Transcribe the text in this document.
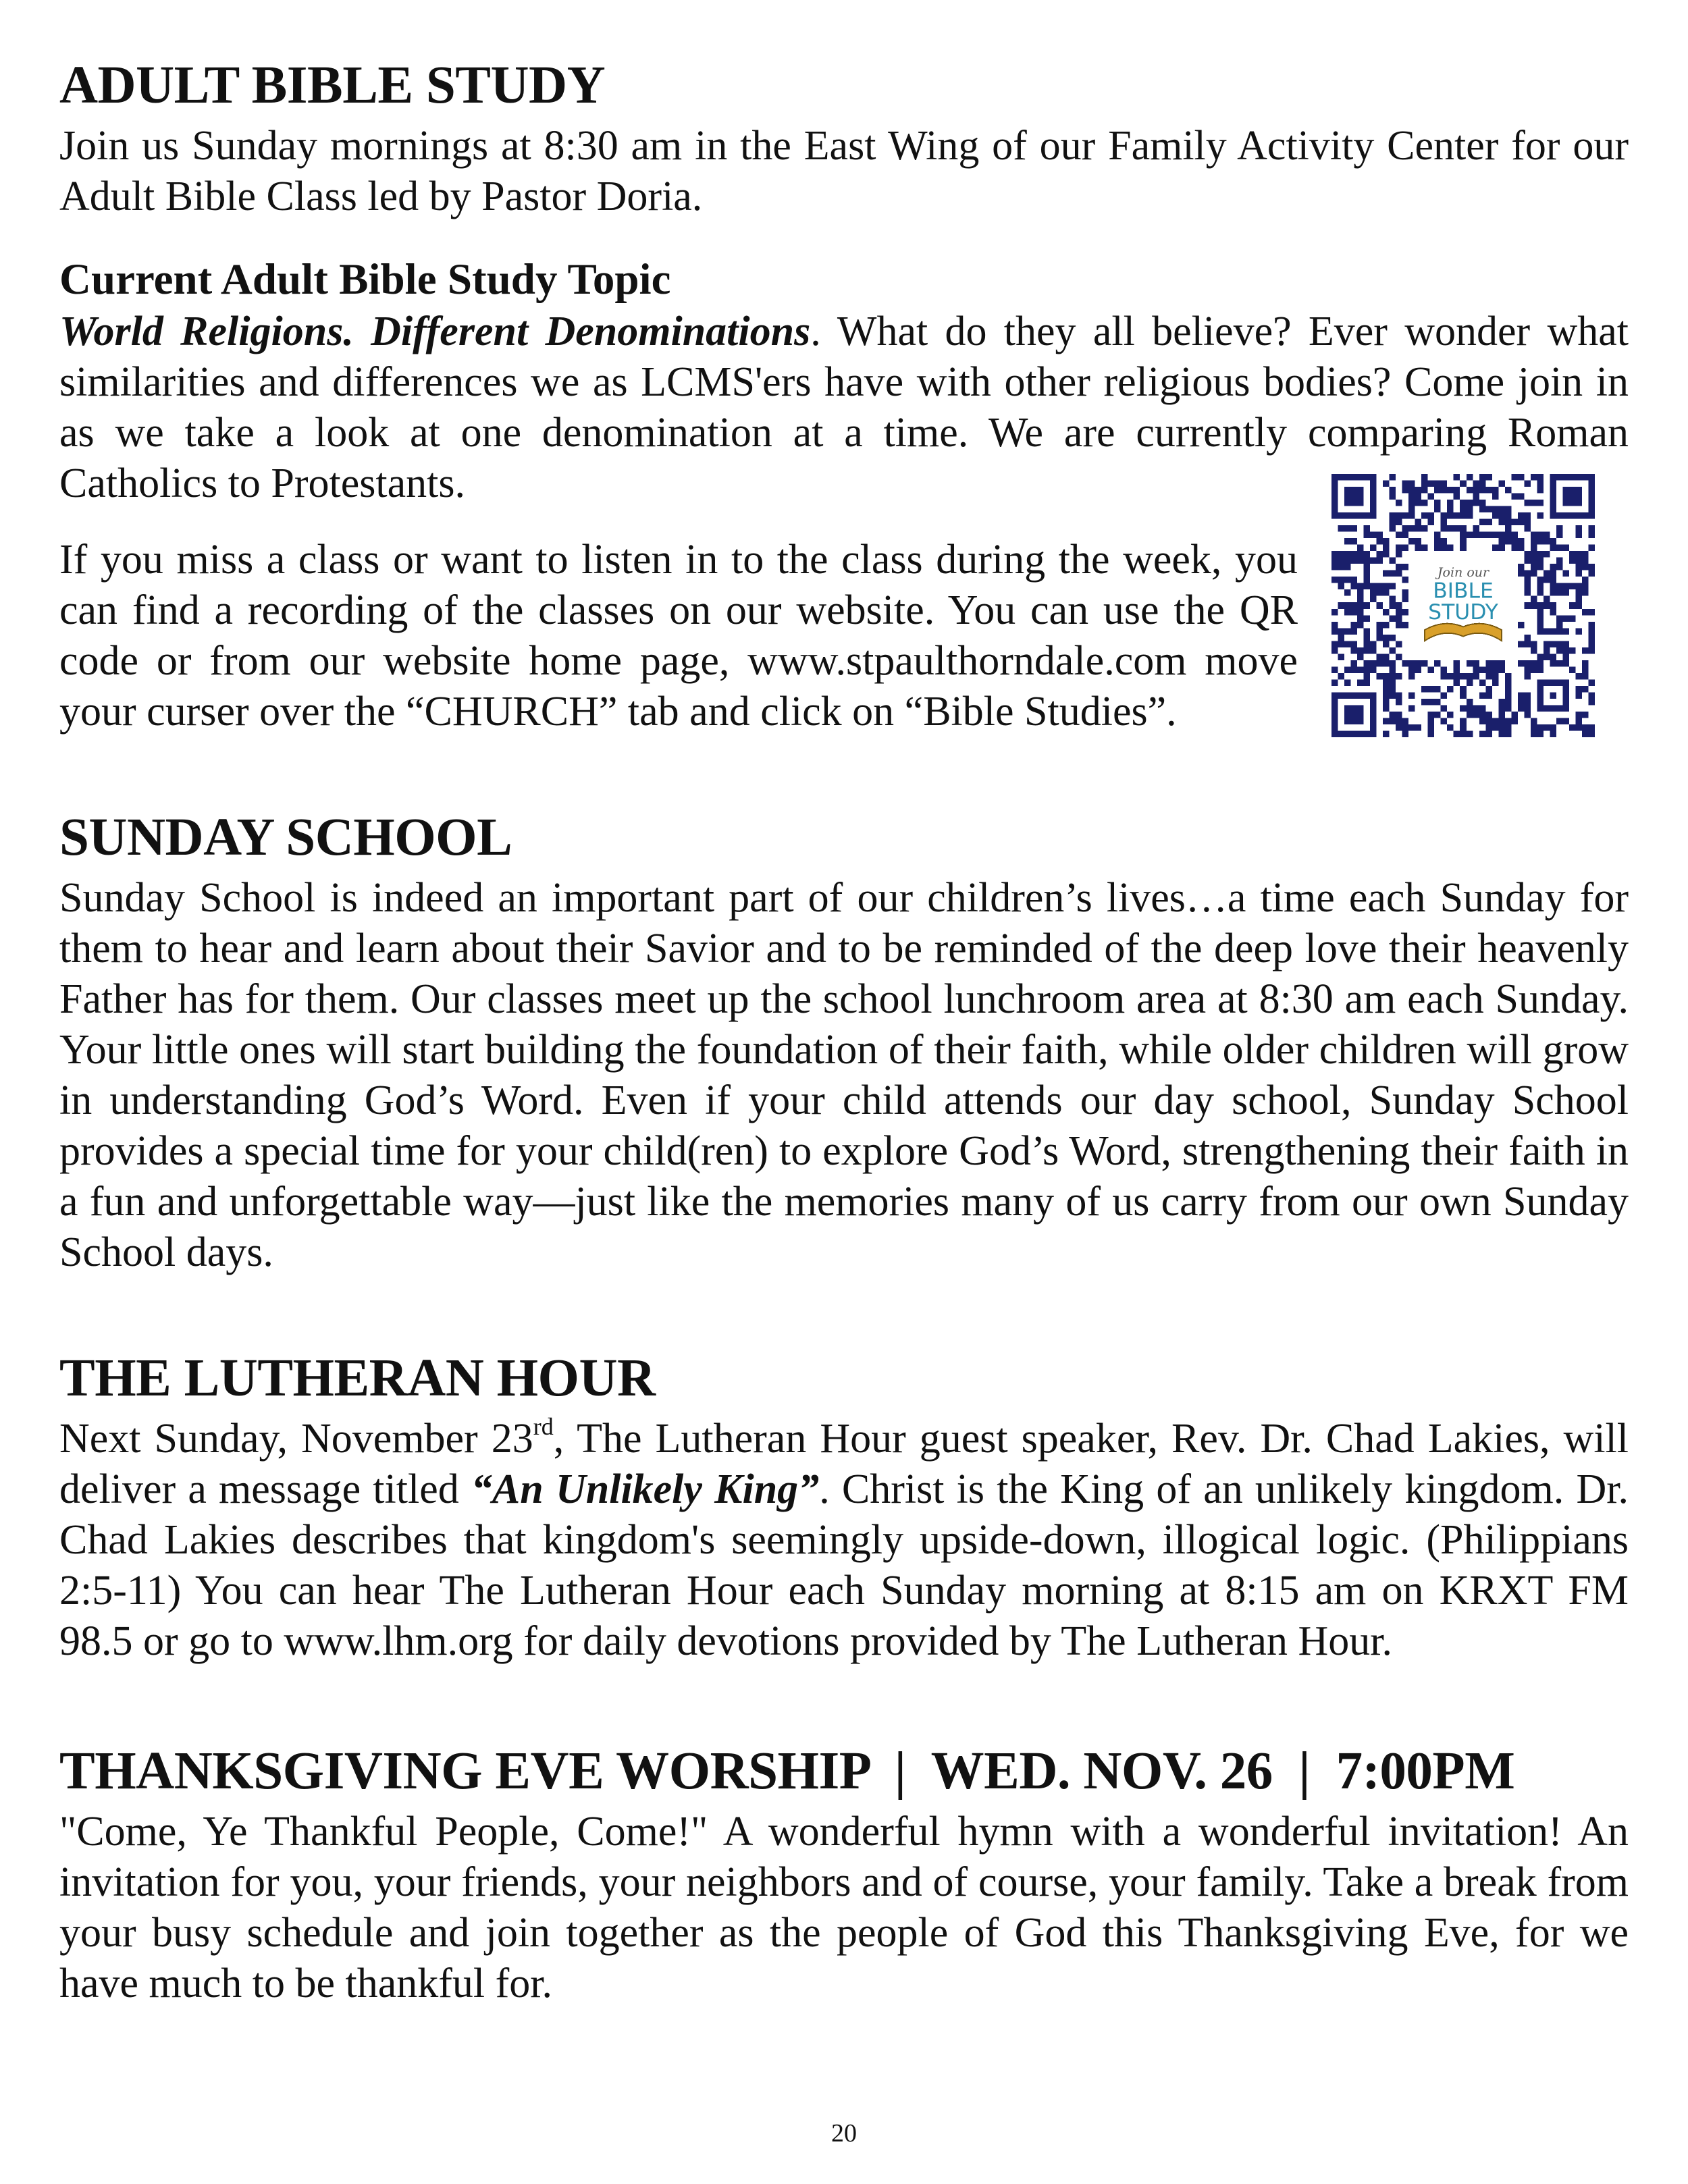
ADULT BIBLE STUDY

Join us Sunday mornings at 8:30 am in the East Wing of our Family Activity Center for our Adult Bible Class led by Pastor Doria.

Current Adult Bible Study Topic

World Religions. Different Denominations. What do they all believe? Ever wonder what similarities and differences we as LCMS'ers have with other religious bodies? Come join in as we take a look at one denomination at a time. We are currently comparing Roman Catholics to Protestants.

If you miss a class or want to listen in to the class during the week, you can find a recording of the classes on our website. You can use the QR code or from our website home page, www.stpaulthorndale.com move your curser over the “CHURCH” tab and click on “Bible Studies”.

Join our
BIBLE
STUDY
SUNDAY SCHOOL

Sunday School is indeed an important part of our children’s lives…a time each Sunday for them to hear and learn about their Savior and to be reminded of the deep love their heavenly Father has for them. Our classes meet up the school lunchroom area at 8:30 am each Sunday. Your little ones will start building the foundation of their faith, while older children will grow in understanding God’s Word. Even if your child attends our day school, Sunday School provides a special time for your child(ren) to explore God’s Word, strengthening their faith in a fun and unforgettable way—just like the memories many of us carry from our own Sunday School days.

THE LUTHERAN HOUR

Next Sunday, November 23rd, The Lutheran Hour guest speaker, Rev. Dr. Chad Lakies, will deliver a message titled “An Unlikely King”. Christ is the King of an unlikely kingdom. Dr. Chad Lakies describes that kingdom's seemingly upside-down, illogical logic. (Philippians 2:5-11) You can hear The Lutheran Hour each Sunday morning at 8:15 am on KRXT FM 98.5 or go to www.lhm.org for daily devotions provided by The Lutheran Hour.

THANKSGIVING EVE WORSHIP  |  WED. NOV. 26  |  7:00PM

"Come, Ye Thankful People, Come!" A wonderful hymn with a wonderful invitation! An invitation for you, your friends, your neighbors and of course, your family. Take a break from your busy schedule and join together as the people of God this Thanksgiving Eve, for we have much to be thankful for.

20
